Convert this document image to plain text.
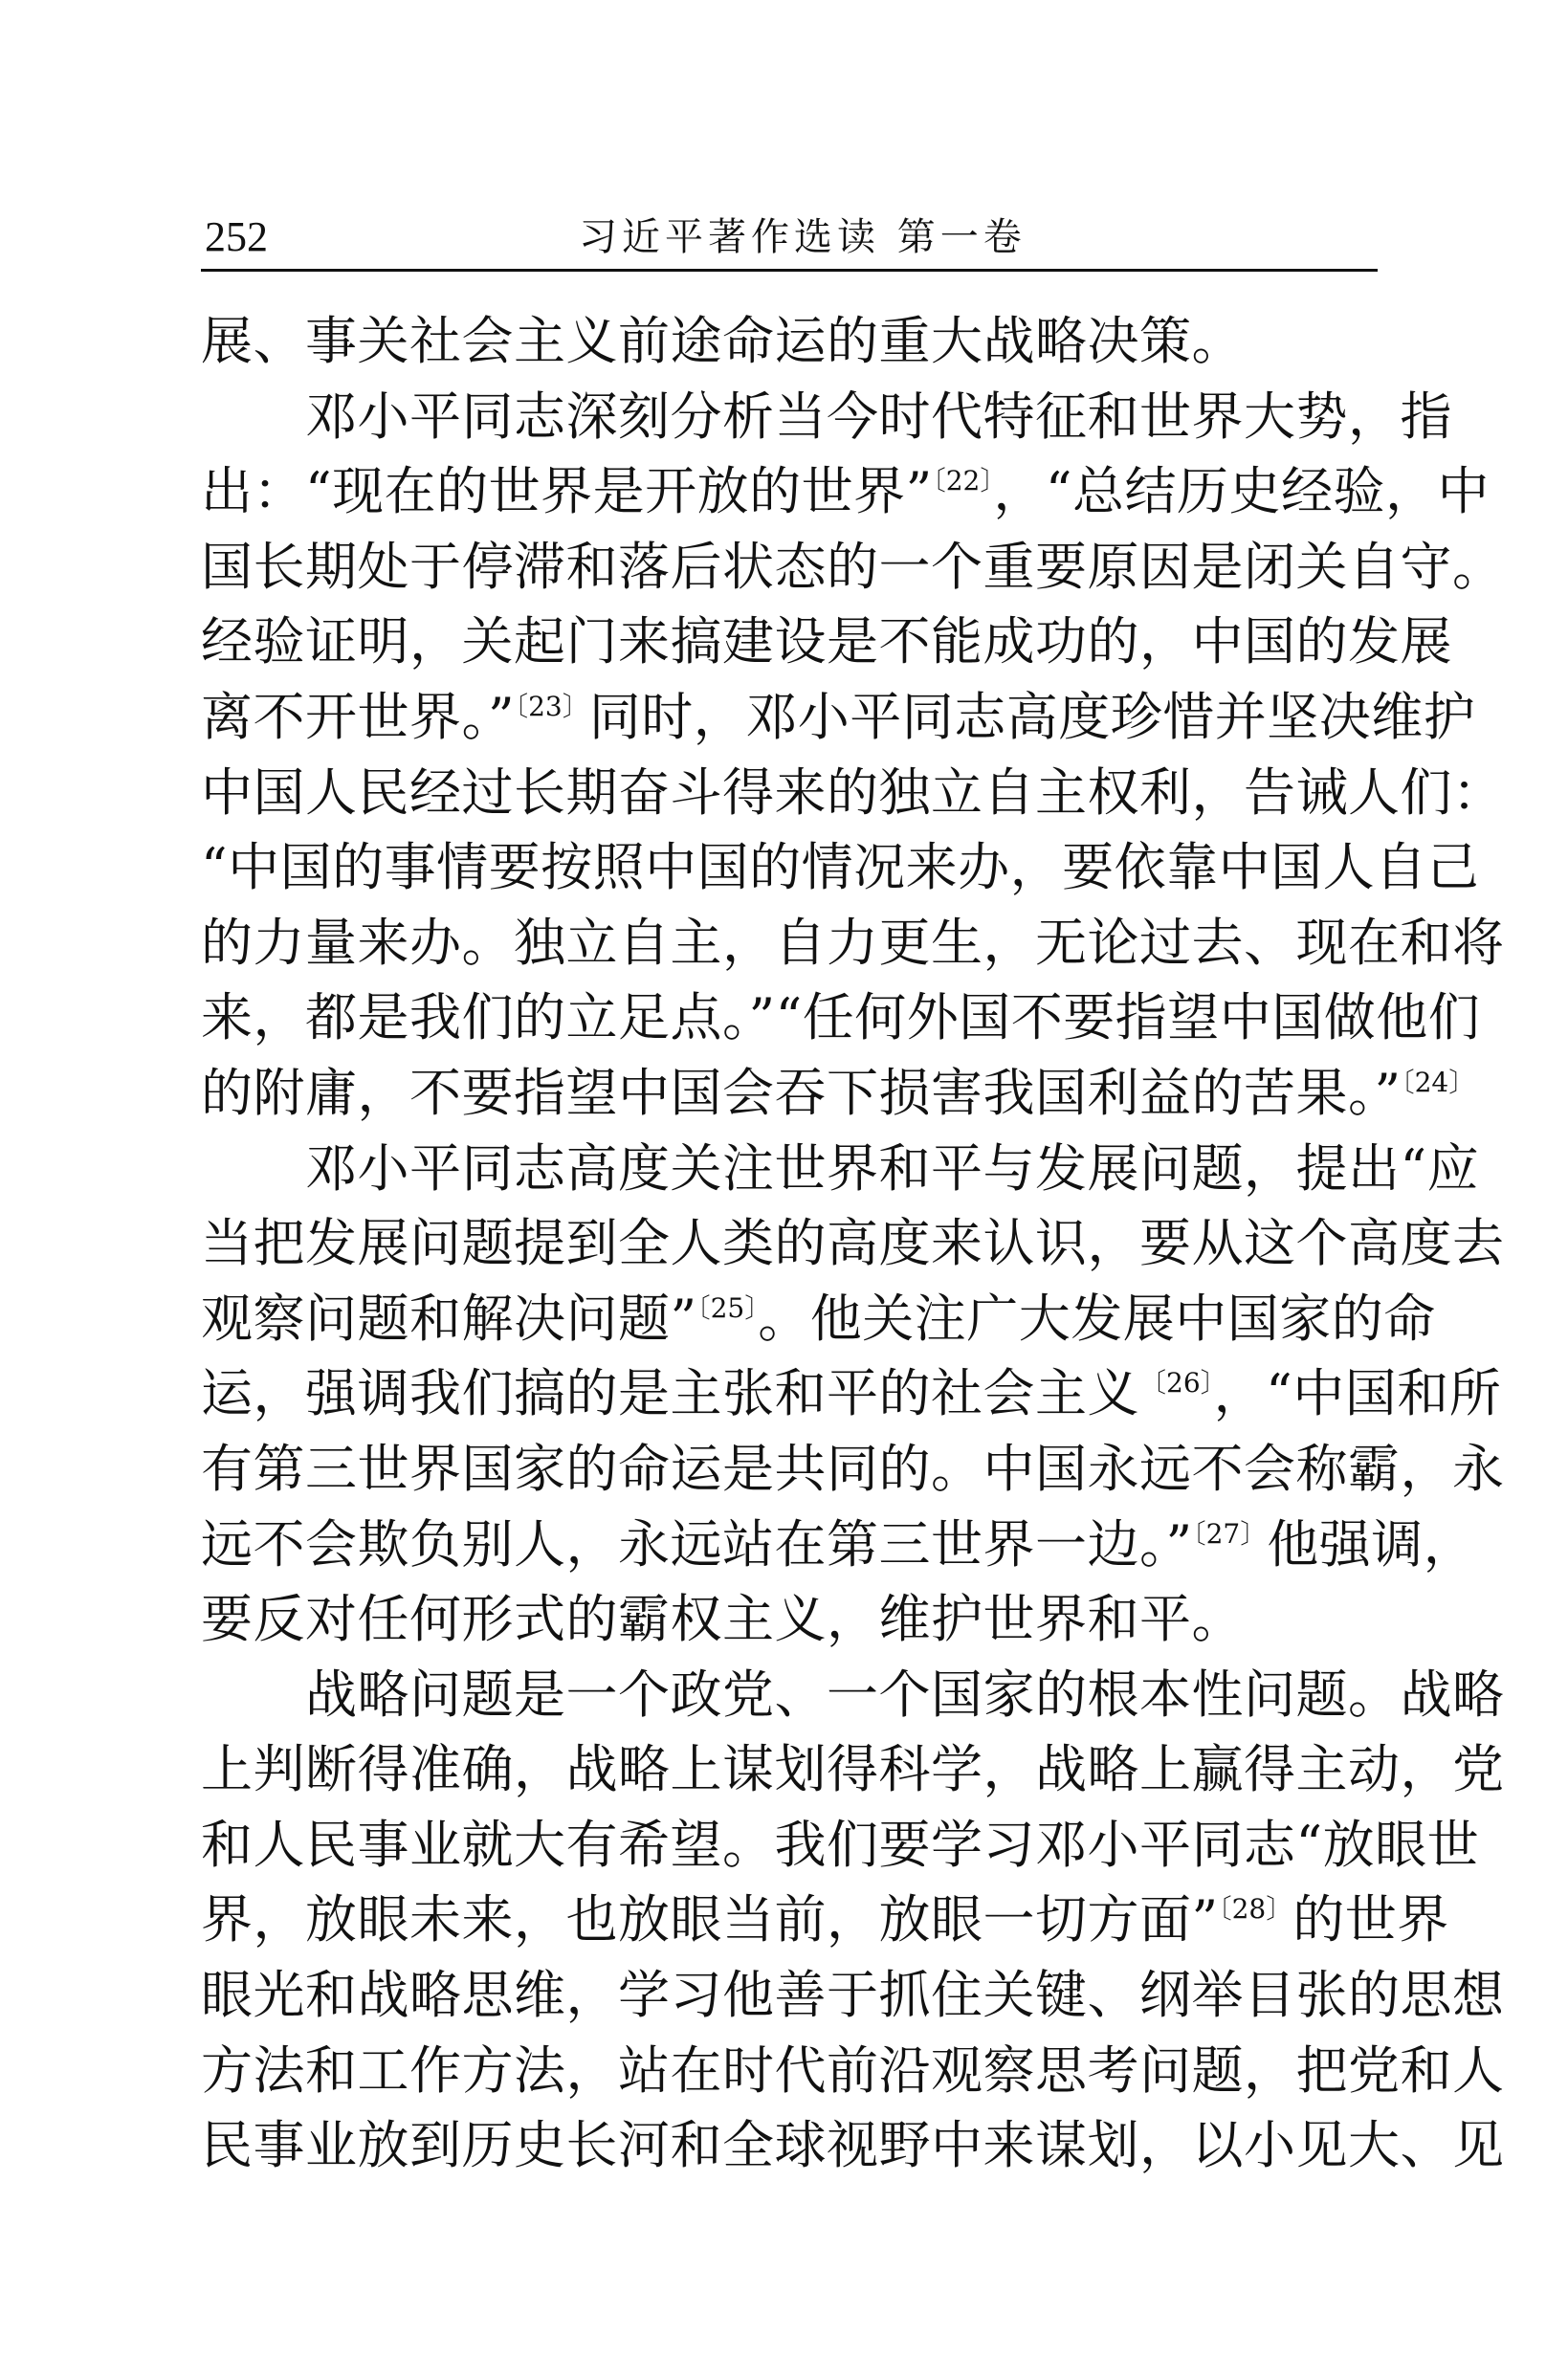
252	习近平著作选读 第一卷
展、事关社会主义前途命运的重大战略决策。
　　邓小平同志深刻分析当今时代特征和世界大势，指
出：“现在的世界是开放的世界”$^{〔22〕}$，“总结历史经验，中
国长期处于停滞和落后状态的一个重要原因是闭关自守。
经验证明，关起门来搞建设是不能成功的，中国的发展
离不开世界。”$^{〔23〕}$同时，邓小平同志高度珍惜并坚决维护
中国人民经过长期奋斗得来的独立自主权利，告诫人们：
“中国的事情要按照中国的情况来办，要依靠中国人自己
的力量来办。独立自主，自力更生，无论过去、现在和将
来，都是我们的立足点。”“任何外国不要指望中国做他们
的附庸，不要指望中国会吞下损害我国利益的苦果。”$^{〔24〕}$
　　邓小平同志高度关注世界和平与发展问题，提出“应
当把发展问题提到全人类的高度来认识，要从这个高度去
观察问题和解决问题”$^{〔25〕}$。他关注广大发展中国家的命
运，强调我们搞的是主张和平的社会主义$^{〔26〕}$，“中国和所
有第三世界国家的命运是共同的。中国永远不会称霸，永
远不会欺负别人，永远站在第三世界一边。”$^{〔27〕}$他强调，
要反对任何形式的霸权主义，维护世界和平。
　　战略问题是一个政党、一个国家的根本性问题。战略
上判断得准确，战略上谋划得科学，战略上赢得主动，党
和人民事业就大有希望。我们要学习邓小平同志“放眼世
界，放眼未来，也放眼当前，放眼一切方面”$^{〔28〕}$的世界
眼光和战略思维，学习他善于抓住关键、纲举目张的思想
方法和工作方法，站在时代前沿观察思考问题，把党和人
民事业放到历史长河和全球视野中来谋划，以小见大、见
